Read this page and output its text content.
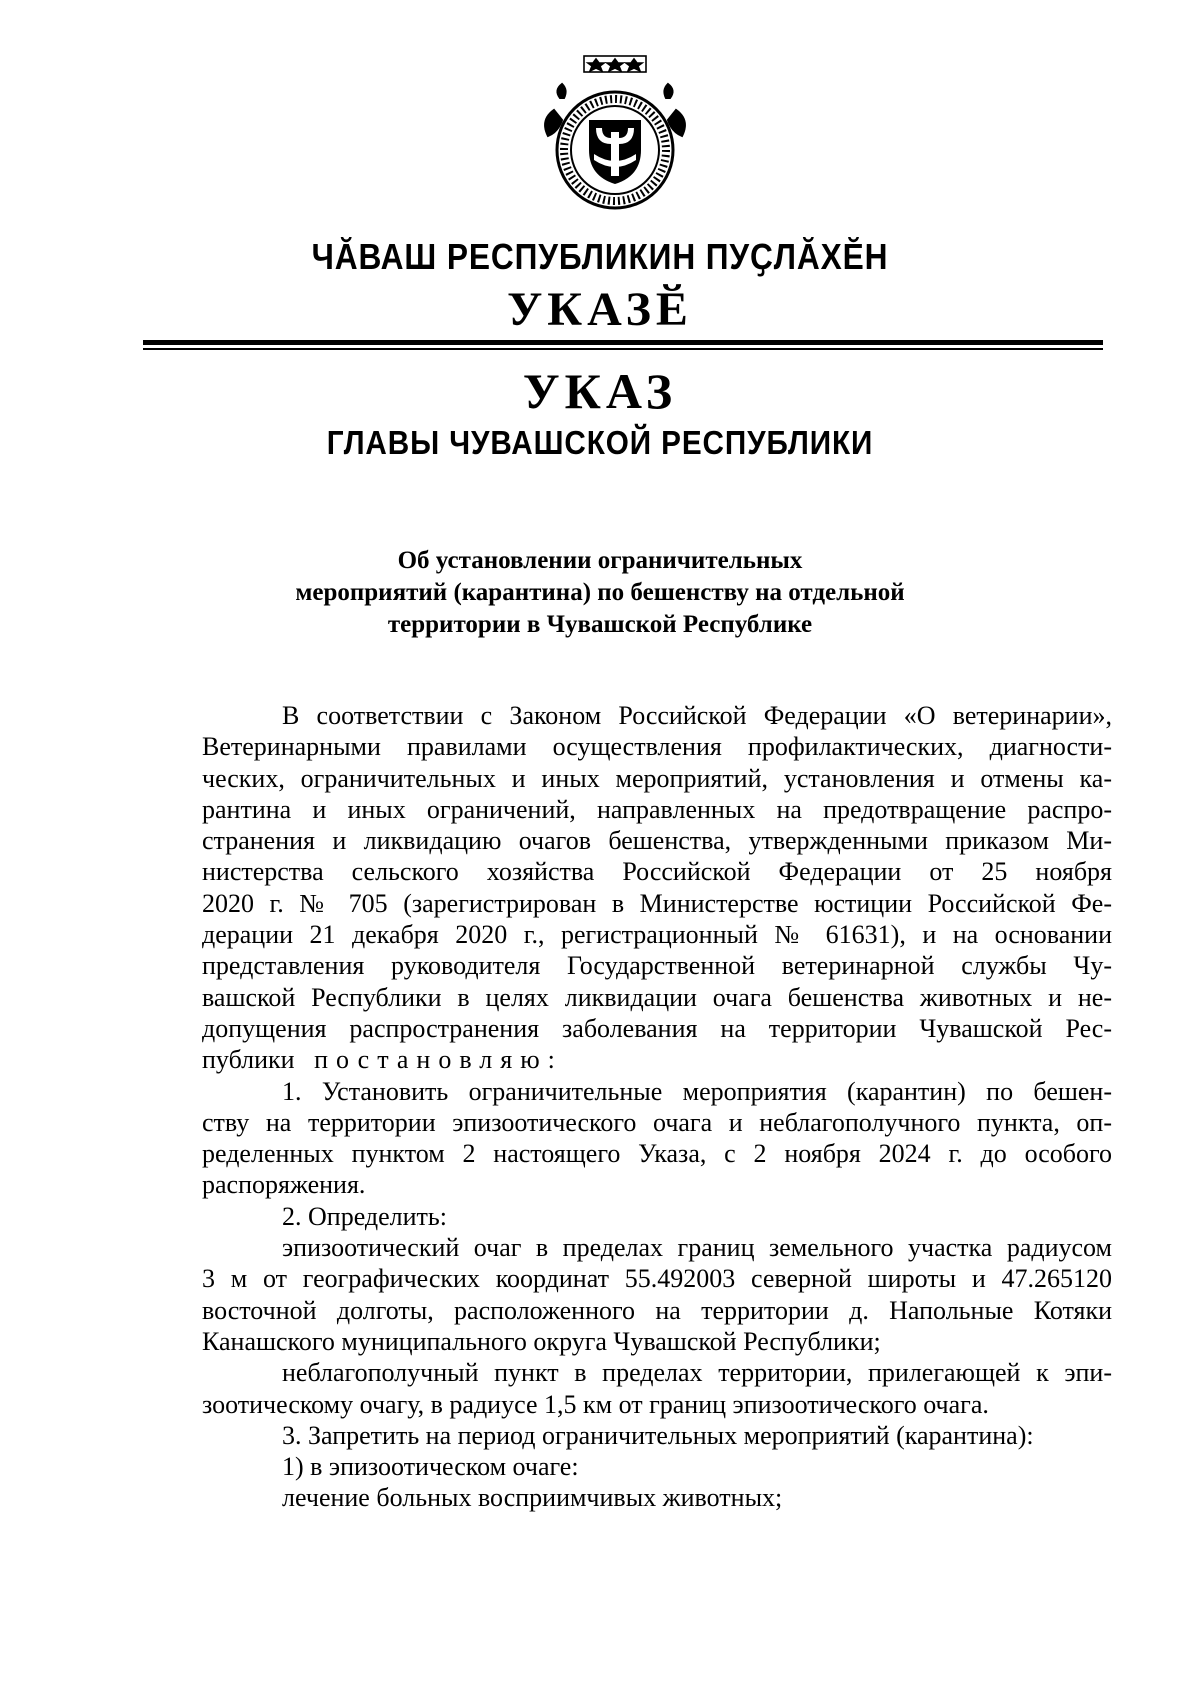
ЧӐВАШ РЕСПУБЛИКИН ПУҪЛӐХӖН
УКАЗӖ
УКАЗ
ГЛАВЫ ЧУВАШСКОЙ РЕСПУБЛИКИ
Об установлении ограничительных
мероприятий (карантина) по бешенству на отдельной
территории в Чувашской Республике
В соответствии с Законом Российской Федерации «О ветеринарии»,
Ветеринарными правилами осуществления профилактических, диагности-
ческих, ограничительных и иных мероприятий, установления и отмены ка-
рантина и иных ограничений, направленных на предотвращение распро-
странения и ликвидацию очагов бешенства, утвержденными приказом Ми-
нистерства сельского хозяйства Российской Федерации от 25 ноября
2020 г. № 705 (зарегистрирован в Министерстве юстиции Российской Фе-
дерации 21 декабря 2020 г., регистрационный № 61631), и на основании
представления руководителя Государственной ветеринарной службы Чу-
вашской Республики в целях ликвидации очага бешенства животных и не-
допущения распространения заболевания на территории Чувашской Рес-
публики постановляю:
1. Установить ограничительные мероприятия (карантин) по бешен-
ству на территории эпизоотического очага и неблагополучного пункта, оп-
ределенных пунктом 2 настоящего Указа, с 2 ноября 2024 г. до особого
распоряжения.
2. Определить:
эпизоотический очаг в пределах границ земельного участка радиусом
3 м от географических координат 55.492003 северной широты и 47.265120
восточной долготы, расположенного на территории д. Напольные Котяки
Канашского муниципального округа Чувашской Республики;
неблагополучный пункт в пределах территории, прилегающей к эпи-
зоотическому очагу, в радиусе 1,5 км от границ эпизоотического очага.
3. Запретить на период ограничительных мероприятий (карантина):
1) в эпизоотическом очаге:
лечение больных восприимчивых животных;
